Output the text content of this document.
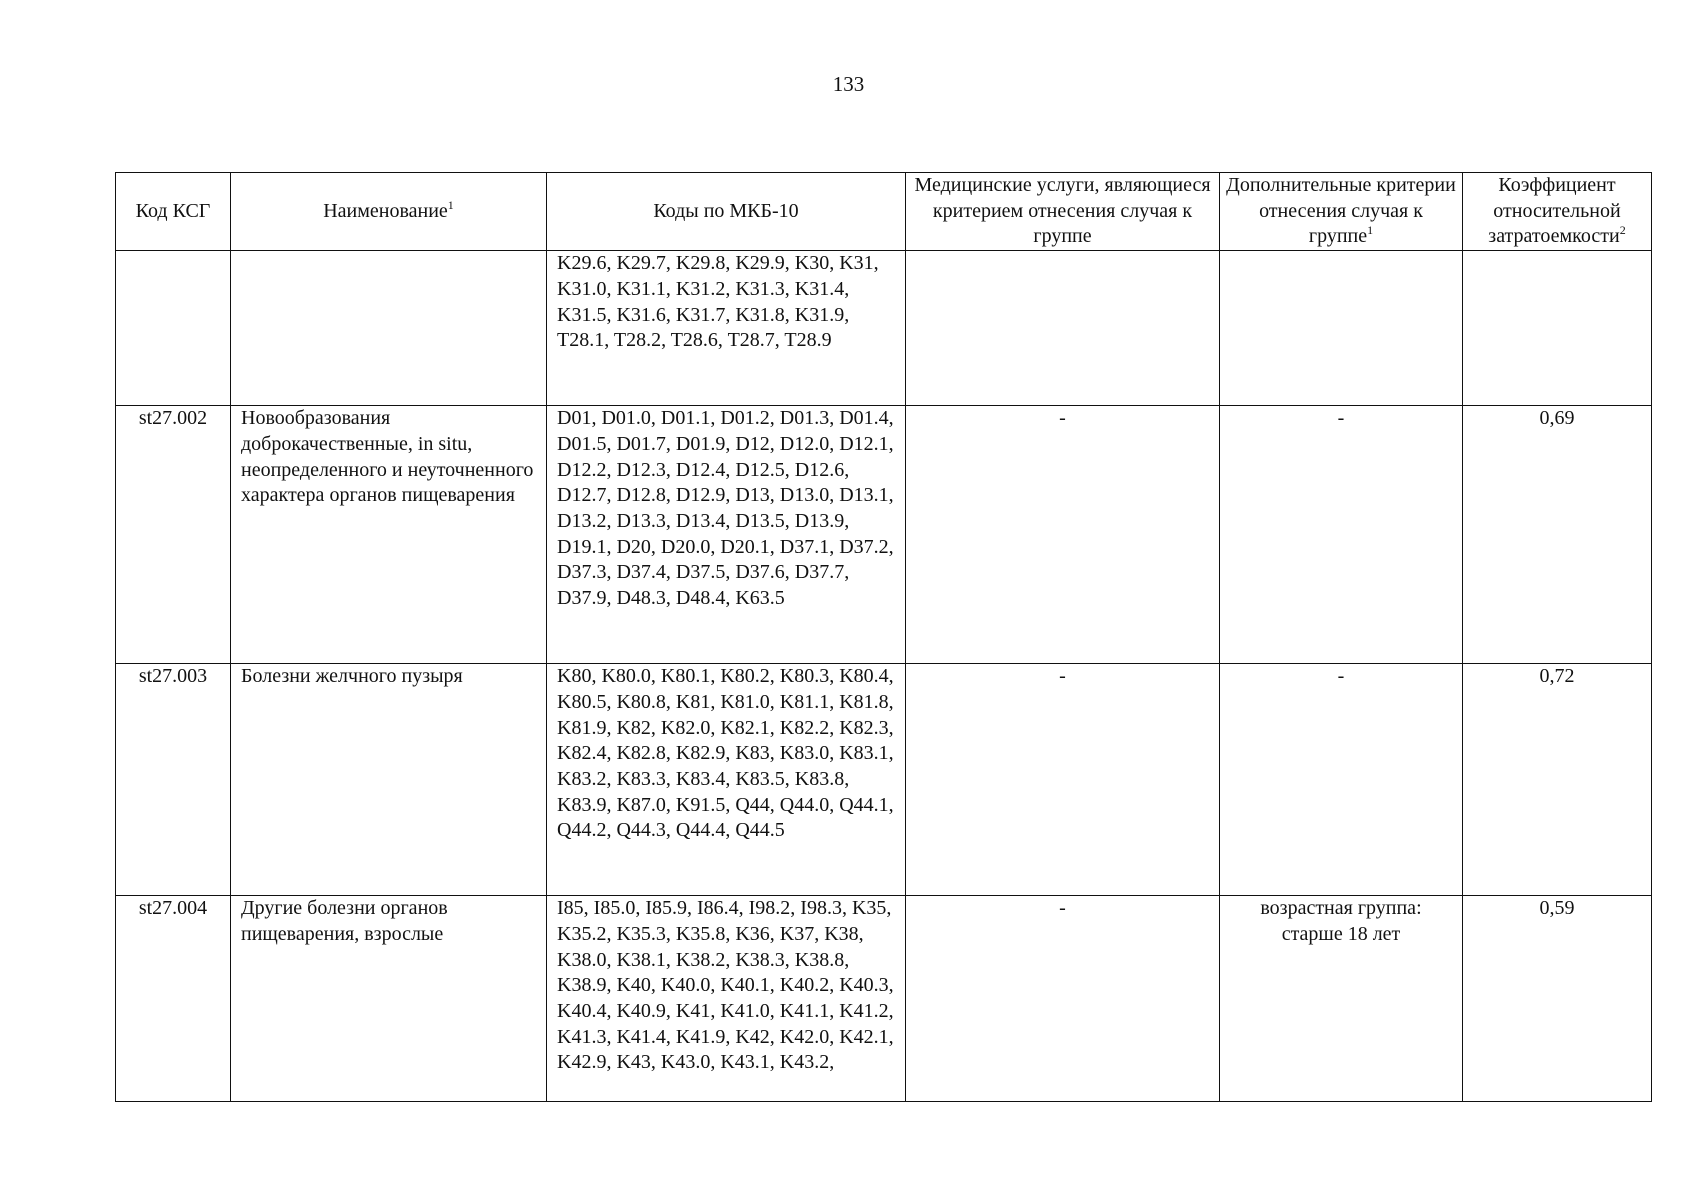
133
Код КСГ	Наименование$^1$	Коды по МКБ-10	Медицинские услуги, являющиеся критерием отнесения случая к группе	Дополнительные критерии отнесения случая к группе$^1$	Коэффициент относительной затратоемкости$^2$
		K29.6, K29.7, K29.8, K29.9, K30, K31, K31.0, K31.1, K31.2, K31.3, K31.4, K31.5, K31.6, K31.7, K31.8, K31.9, T28.1, T28.2, T28.6, T28.7, T28.9			
st27.002	Новообразования доброкачественные, in situ, неопределенного и неуточненного характера органов пищеварения	D01, D01.0, D01.1, D01.2, D01.3, D01.4, D01.5, D01.7, D01.9, D12, D12.0, D12.1, D12.2, D12.3, D12.4, D12.5, D12.6, D12.7, D12.8, D12.9, D13, D13.0, D13.1, D13.2, D13.3, D13.4, D13.5, D13.9, D19.1, D20, D20.0, D20.1, D37.1, D37.2, D37.3, D37.4, D37.5, D37.6, D37.7, D37.9, D48.3, D48.4, K63.5	-	-	0,69
st27.003	Болезни желчного пузыря	K80, K80.0, K80.1, K80.2, K80.3, K80.4, K80.5, K80.8, K81, K81.0, K81.1, K81.8, K81.9, K82, K82.0, K82.1, K82.2, K82.3, K82.4, K82.8, K82.9, K83, K83.0, K83.1, K83.2, K83.3, K83.4, K83.5, K83.8, K83.9, K87.0, K91.5, Q44, Q44.0, Q44.1, Q44.2, Q44.3, Q44.4, Q44.5	-	-	0,72
st27.004	Другие болезни органов пищеварения, взрослые	I85, I85.0, I85.9, I86.4, I98.2, I98.3, K35, K35.2, K35.3, K35.8, K36, K37, K38, K38.0, K38.1, K38.2, K38.3, K38.8, K38.9, K40, K40.0, K40.1, K40.2, K40.3, K40.4, K40.9, K41, K41.0, K41.1, K41.2, K41.3, K41.4, K41.9, K42, K42.0, K42.1, K42.9, K43, K43.0, K43.1, K43.2,	-	возрастная группа: старше 18 лет	0,59
